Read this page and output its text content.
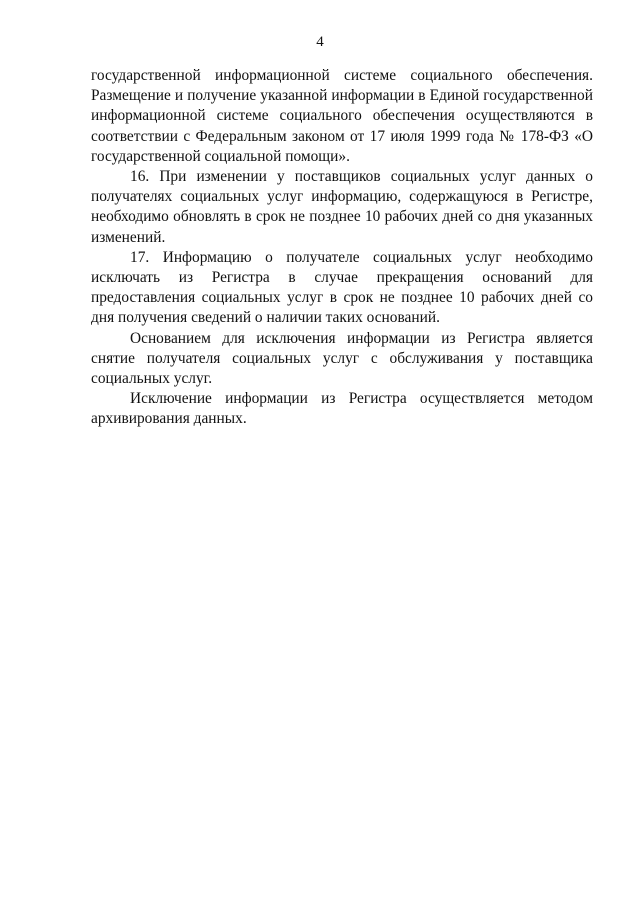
4

государственной информационной системе социального обеспечения. Размещение и получение указанной информации в Единой государственной информационной системе социального обеспечения осуществляются в соответствии с Федеральным законом от 17 июля 1999 года № 178-ФЗ «О государственной социальной помощи».

16. При изменении у поставщиков социальных услуг данных о получателях социальных услуг информацию, содержащуюся в Регистре, необходимо обновлять в срок не позднее 10 рабочих дней со дня указанных изменений.

17. Информацию о получателе социальных услуг необходимо исключать из Регистра в случае прекращения оснований для предоставления социальных услуг в срок не позднее 10 рабочих дней со дня получения сведений о наличии таких оснований.

Основанием для исключения информации из Регистра является снятие получателя социальных услуг с обслуживания у поставщика социальных услуг.

Исключение информации из Регистра осуществляется методом архивирования данных.
